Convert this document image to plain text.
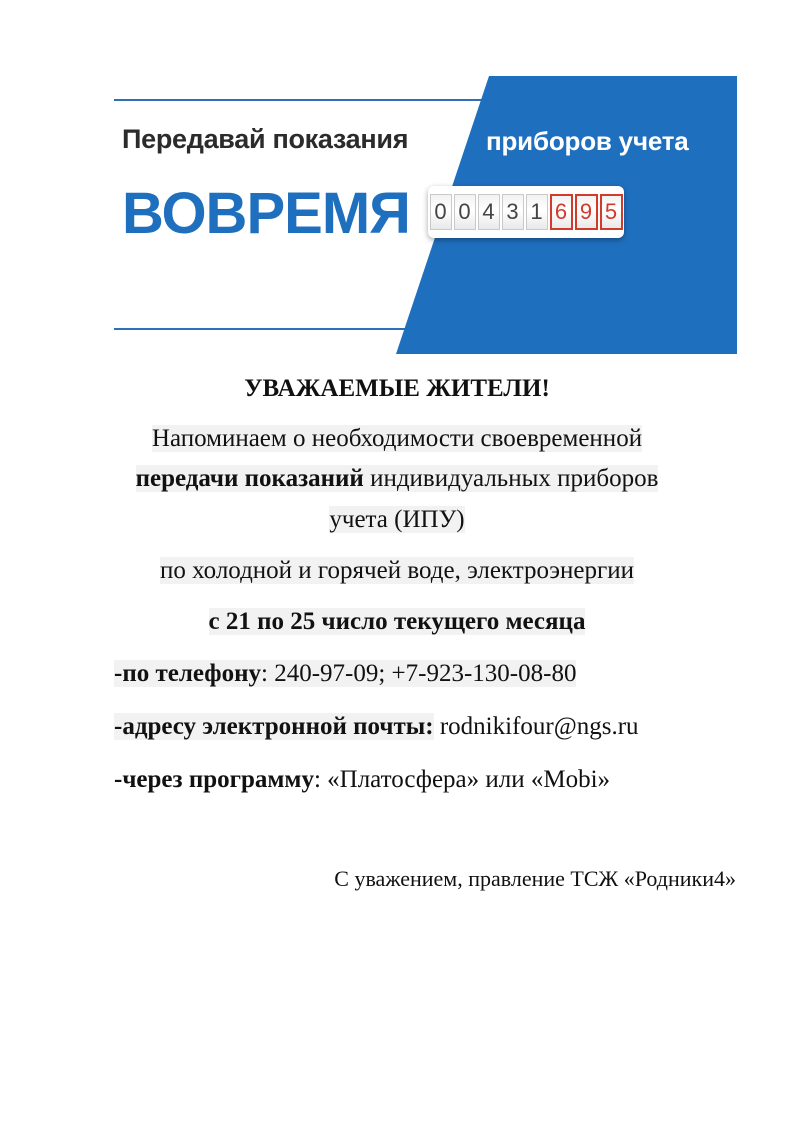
Передавай показания	приборов учета
ВОВРЕМЯ 0 0 4 3 1 6 9 5
УВАЖАЕМЫЕ ЖИТЕЛИ!
Напоминаем о необходимости своевременной
передачи показаний индивидуальных приборов
учета (ИПУ)
по холодной и горячей воде, электроэнергии
с 21 по 25 число текущего месяца
-по телефону: 240-97-09; +7-923-130-08-80
-адресу электронной почты: rodnikifour@ngs.ru
-через программу: «Платосфера» или «Mobi»
С уважением, правление ТСЖ «Родники4»
